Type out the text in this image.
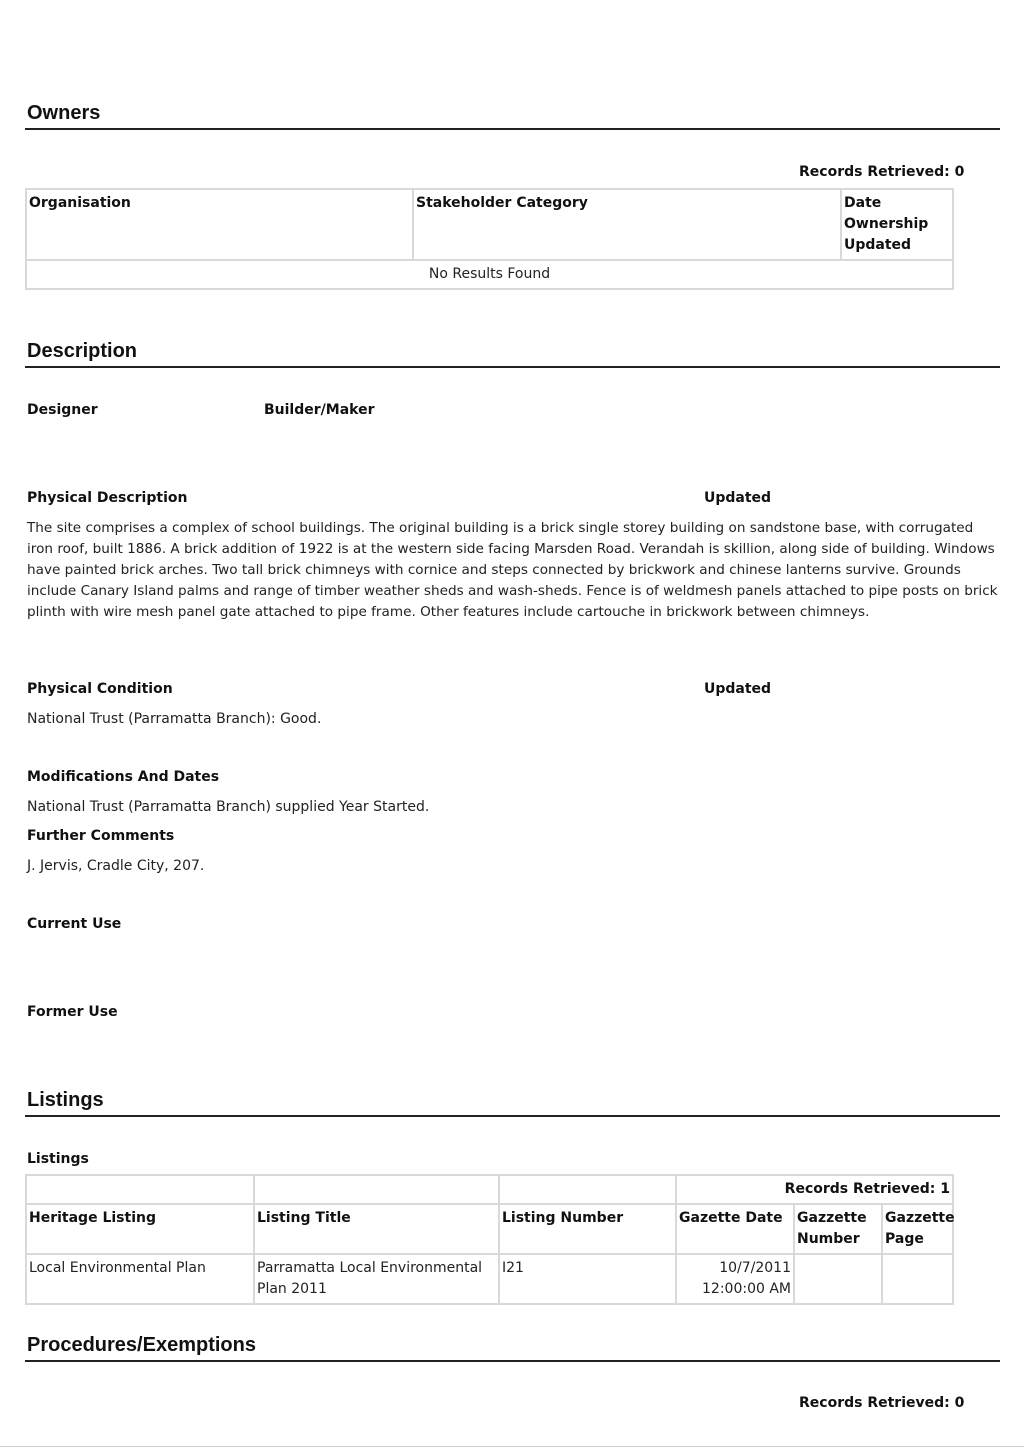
Owners
Records Retrieved: 0
Organisation	Stakeholder Category	Date Ownership Updated
No Results Found
Description
Designer	Builder/Maker
Physical Description	Updated
The site comprises a complex of school buildings. The original building is a brick single storey building on sandstone base, with corrugated iron roof, built 1886. A brick addition of 1922 is at the western side facing Marsden Road. Verandah is skillion, along side of building. Windows have painted brick arches. Two tall brick chimneys with cornice and steps connected by brickwork and chinese lanterns survive. Grounds include Canary Island palms and range of timber weather sheds and wash-sheds. Fence is of weldmesh panels attached to pipe posts on brick plinth with wire mesh panel gate attached to pipe frame. Other features include cartouche in brickwork between chimneys.
Physical Condition	Updated
National Trust (Parramatta Branch): Good.
Modifications And Dates
National Trust (Parramatta Branch) supplied Year Started.
Further Comments
J. Jervis, Cradle City, 207.
Current Use
Former Use
Listings
Listings
			Records Retrieved: 1		
Heritage Listing	Listing Title	Listing Number	Gazette Date	Gazzette Number	Gazzette Page
Local Environmental Plan	Parramatta Local Environmental Plan 2011	I21	10/7/2011 12:00:00 AM		
Procedures/Exemptions
Records Retrieved: 0
